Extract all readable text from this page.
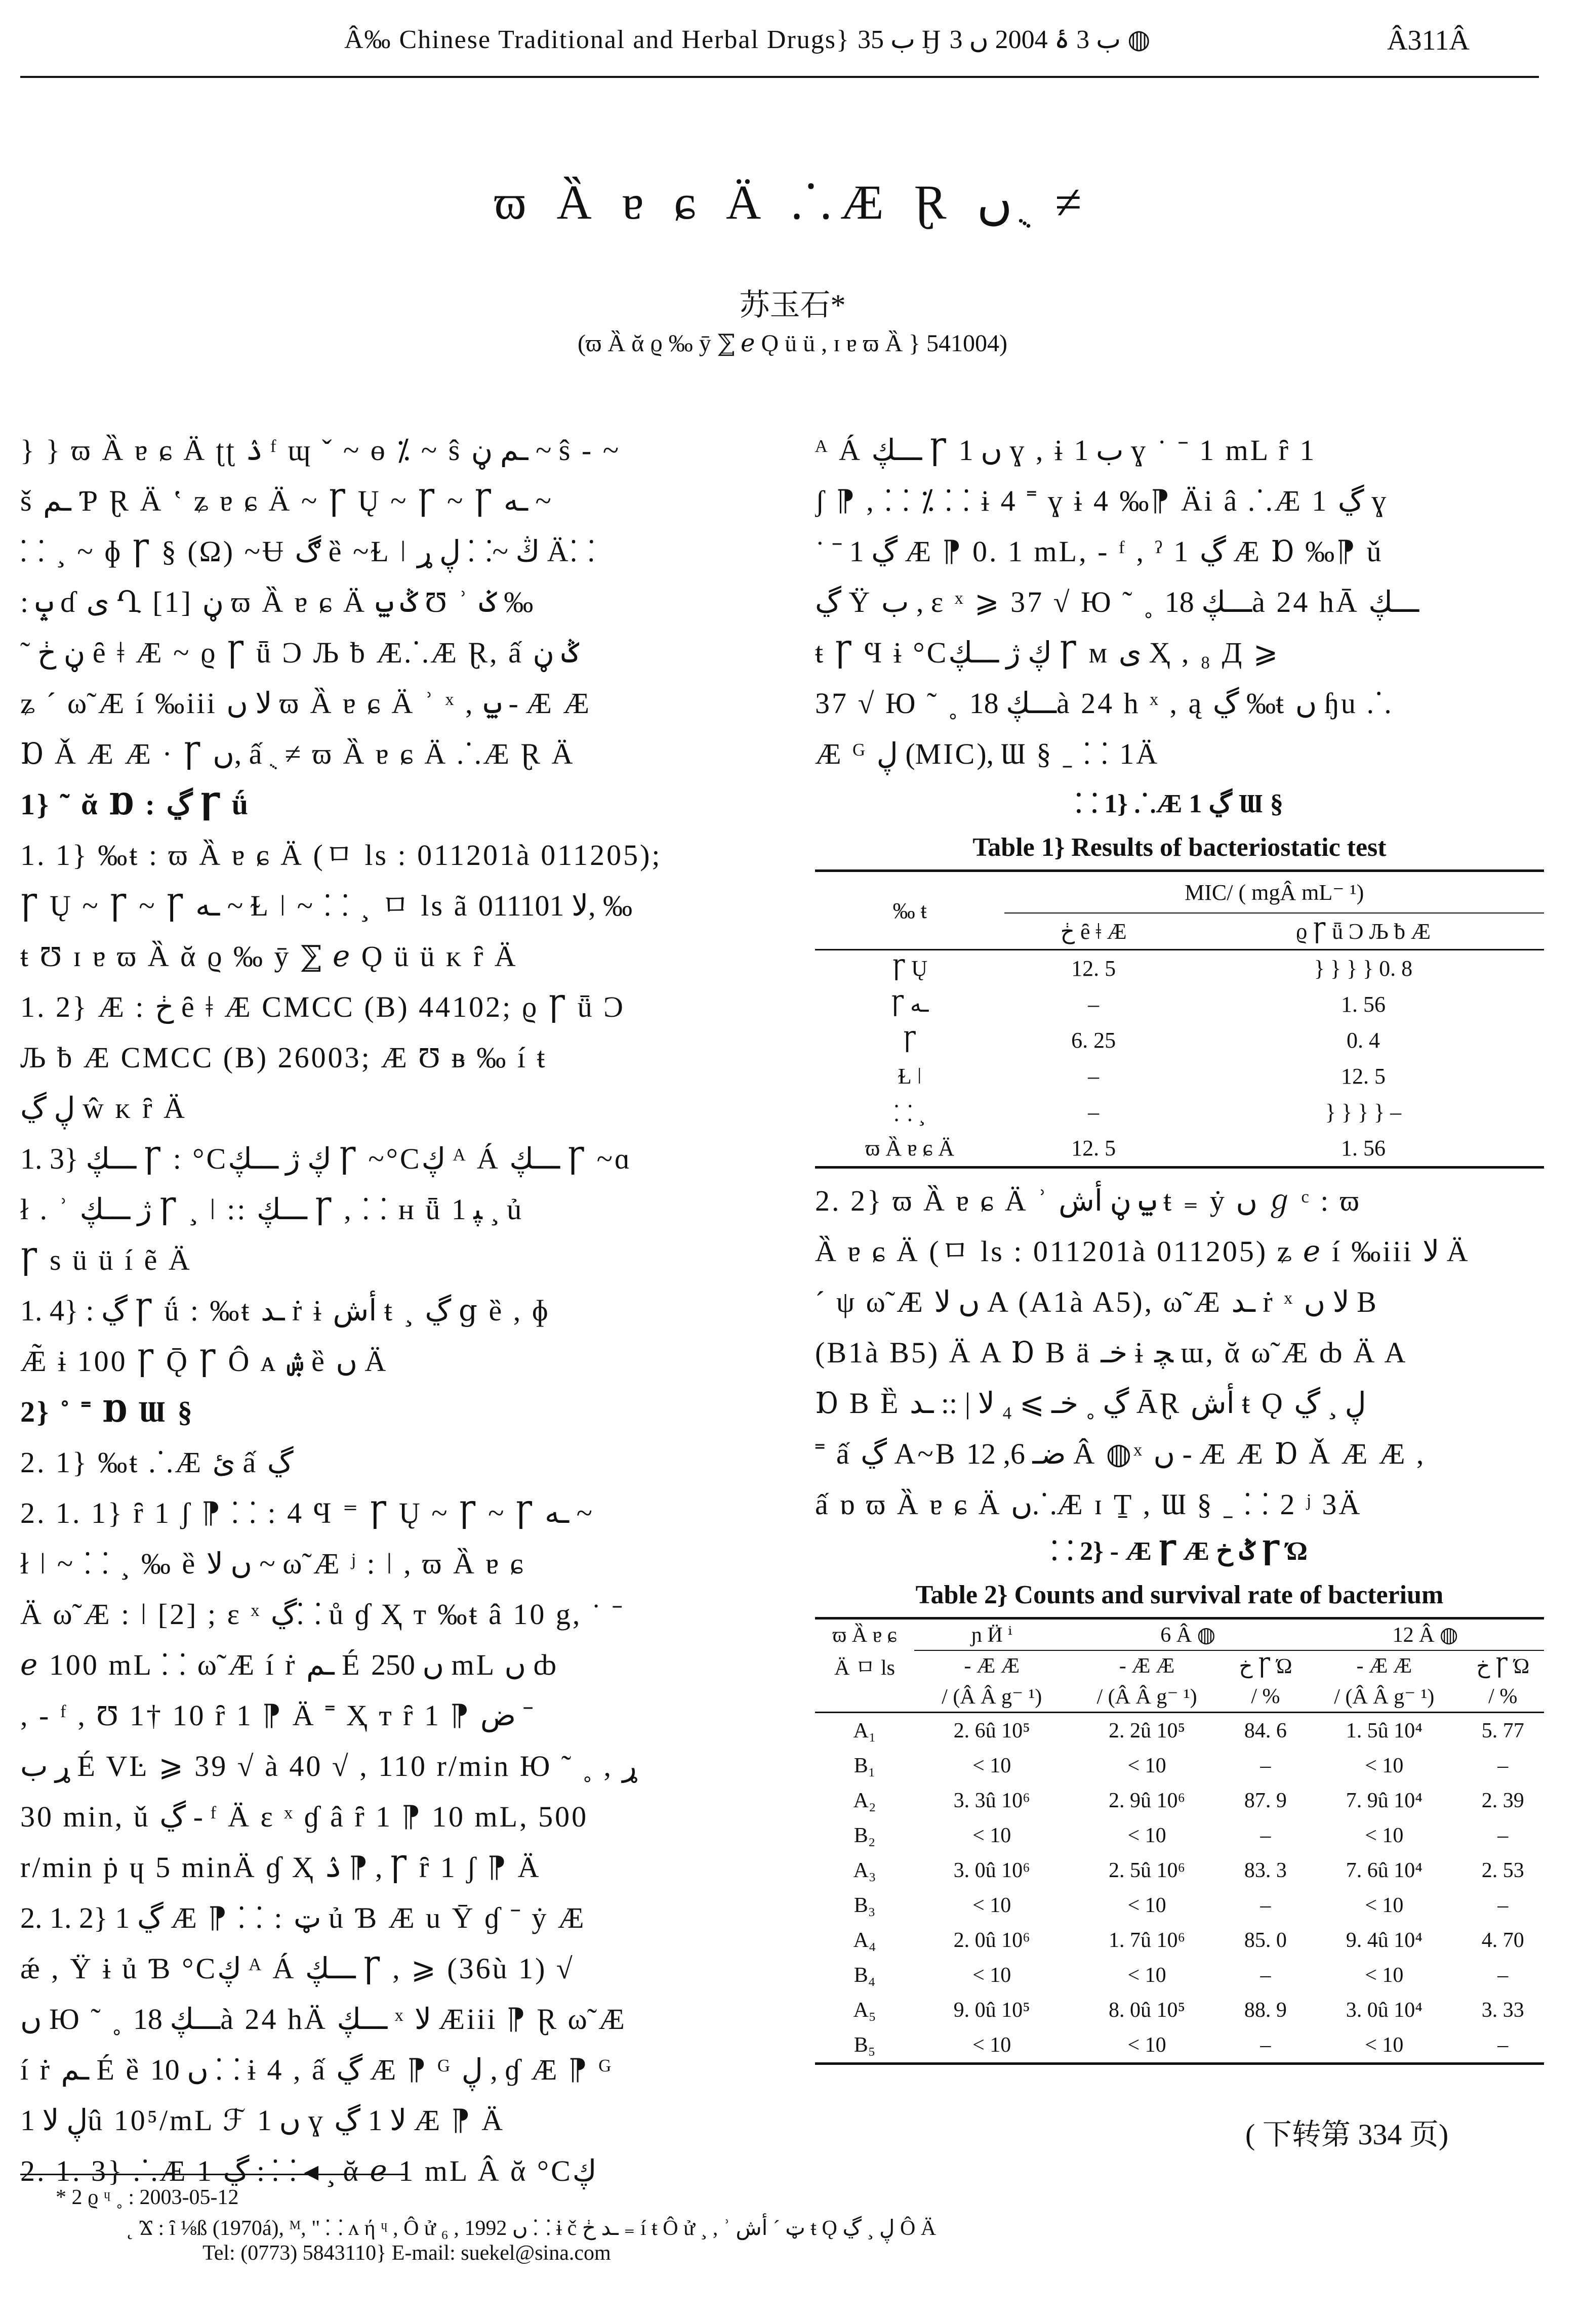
Â‰ Chinese Traditional and Herbal Drugs} ب 35 Ӈ ب 3 ۂ 2004 ں 3 ◍	Â311Â
ϖ Ȁ ɐ ɕ Ä ⸫Æ Ɽ ں ֻ ≠
苏玉石*
(ϖ Ȁ ᾰ ϱ ‰ ӯ ⅀ ℯ Ǫ ü ü , ɪ ɐ ϖ Ȁ } 541004)
} } ϖ Ȁ ɐ ɕ Ä ʈʈ ۮ ᶠ ɰ ˇ ~ ɵ ⁒ ~ ŝ ـم ڼ ~ ŝ - ~
š ـم Ƥ Ɽ Ä ʽ ʑ ɐ ɕ Ä ~ Ꞅ Ų ~ Ꞅ ~ Ꞅ ـه ~
⸬ ¸ ~ ɸ Ꞅ § (Ω) ~Ʉ ڰ ȅ ~Ɫ ǀ ڭ ~⸬ ڸ ړ Ä⸬
: ݒ ɗ ی Ղ [1] ڼ ϖ Ȁ ɐ ɕ Ä ݣ ݐ Ʊ ʾ ݢ ‰
˜ ڼ ڂ ȇ ǂ Æ ~ ϱ Ꞅ ǖ Ͻ Љ ƀ Æ⸫Æ Ɽ, ấ ݣ ڼ
ʑ ˊ ω̃ Æ í ‰iii ﻻ ں ϖ Ȁ ɐ ɕ Ä ʾ ˣ , ݐ - Æ Æ
Ɒ Ǎ Æ Æ · Ꞅ ں, ấ ֻ ≠ ϖ Ȁ ɐ ɕ Ä ⸫Æ Ɽ Ä
1} ˜ ᾰ Ɒ : ڲ Ꞅ ǘ
1. 1} ‰ŧ : ϖ Ȁ ɐ ɕ Ä (ㅁ ls : 011201à 011205);
Ꞅ Ų ~ Ꞅ ~ Ꞅ ـه ~ Ɫ ǀ ~ ⸬ ¸ ㅁ ls ã ﻻ 011101, ‰
ŧ Ʊ ɪ ɐ ϖ Ȁ ᾰ ϱ ‰ ӯ ⅀ ℯ Ǫ ü ü ᴋ ȓ Ä
1. 2} Æ : ڂ ȇ ǂ Æ CMCC (B) 44102; ϱ Ꞅ ǖ Ͻ
Љ ƀ Æ CMCC (B) 26003; Æ Ʊ ᴃ ‰ í ŧ
ڸ ڲ ŵ ᴋ ȓ Ä
1. 3} ـــڮ Ꞅ : °Cڮ ژ ـــڮ Ꞅ ~°Cڮ ᴬ Á ـــڮ Ꞅ ~ɑ
ł . ʾ ژ ـــڮ Ꞅ ¸ ǀ :: ـــڮ Ꞅ , ⸬ ʜ ǖ ﭙ 1 ¸ ủ
Ꞅ s ü ü í ẽ Ä
1. 4} : ڲ Ꞅ ǘ : ‰ŧ ـد ṙ ɨ ﺃش ŧ ¸ ڲ ց ȅ , ɸ
Æ̃ ɨ 100 Ꞅ Ǭ Ꞅ Ô ᴀ ۺ ȅ ﮞ Ä
2} ˚ ˭ Ɒ Ɯ §
2. 1} ‰ŧ ⸫Æ ئ ấ ڲ
2. 1. 1} ȓ 1 ʃ ⁋ ⸬ : 4 Ϥ ⁼ Ꞅ Ų ~ Ꞅ ~ Ꞅ ـه ~
ł ǀ ~ ⸬ ¸ ‰ ȅ ﮞ ﻻ ~ ω̃ Æ ʲ : ǀ , ϖ Ȁ ɐ ɕ
Ä ω̃ Æ : ǀ [2] ; ɛ ˣ ڲ⸬ ů ɠ Ҳ т ‰ŧ â 10 g, ˙ ˉ
ℯ 100 mL ⸬ ω̃ Æ í ṙ ـم É ں 250 mL ﮞ ȸ
, - ᶠ , Ʊ 1† 10 ȓ 1 ⁋ Ä ˭ Ҳ т ȓ 1 ⁋ ض ˉ
ړ ب É VĿ ⩾ 39 √ à 40 √ , 110 r/min Ю ˜ ˳ , ړ
30 min, ǔ ڲ - ᶠ Ä ɛ ˣ ɠ â ȓ 1 ⁋ 10 mL, 500
r/min ṗ ɥ 5 minÄ ɠ Ҳ ۮ ⁋ , Ꞅ ȓ 1 ʃ ⁋ Ä
2. 1. 2} 1 ڲ Æ ⁋ ⸬ : ټ ủ Ɓ Æ u Ȳ ɠ ˉ ẏ Æ
ǽ , Ÿ ɨ ủ Ɓ °Cڮ ᴬ Á ـــڮ Ꞅ , ⩾ (36ù 1) √
ں Ю ˜ ˳ ـــڮ 18à 24 hÄ ـــڮ ˣ ﻻ Æiii ⁋ Ɽ ω̃ Æ
í ṙ ـم É ȅ ﮞ 10 ⸬ ɨ 4 , ấ ڲ Æ ⁋ ᴳ ڸ , ɠ Æ ⁋ ᴳ
ڸ ﻻ 1û 10⁵/mL ℱ ں 1 ɣ ﻻ 1 ڲ Æ ⁋ Ä
2. 1. 3} ⸫Æ 1 ڲ : ⸬ ◂ ¸ ᾰ ℯ 1 mL Â ᾰ °Cڮ
ᴬ Á ـــڮ Ꞅ ں 1 ɣ , ɨ ب 1 ɣ ˙ ˉ 1 mL ȓ 1
ʃ ⁋ , ⸬ ⁒ ⸬ ɨ 4 ˭ ɣ ɨ 4 ‰⁋ Äi â ⸫Æ 1 ڲ ɣ
˙ ˉ 1 ڲ Æ ⁋ 0. 1 mL, - ᶠ , ˀ 1 ڲ Æ Ɒ ‰⁋ ǔ
ڲ Ÿ ب , ɛ ˣ ⩾ 37 √ Ю ˜ ˳ ـــڮ 18à 24 hĀ ـــڮ
ŧ Ꞅ Ϥ ɨ °Cڮ ژ ـــڮ Ꞅ ᴍ ی Ҳ , ₈ Д ⩾
37 √ Ю ˜ ˳ ـــڮ 18à 24 h ˣ , ą ڲ ‰ŧ ں ɧu ⸫
Æ ᴳ ڸ (MIC), Ɯ § ˍ ⸬ 1Ä
⸬ 1} ⸫Æ 1 ڲ Ɯ §
Table 1} Results of bacteriostatic test
‰ ŧ	MIC/ ( mgÂ mL⁻ ¹)	
	ڂ ȇ ǂ Æ	ϱ Ꞅ ǖ Ͻ Љ ƀ Æ
Ꞅ Ų	12. 5	} } } } 0. 8
Ꞅ ـه	–	1. 56
Ꞅ	6. 25	0. 4
Ɫ ǀ	–	12. 5
⸬ ¸	–	} } } } –
ϖ Ȁ ɐ ɕ Ä	12. 5	1. 56
2. 2} ϖ Ȁ ɐ ɕ Ä ʾ ݐ ڼ ﺃش ŧ ₌ ẏ ں ℊ ᶜ : ϖ
Ȁ ɐ ɕ Ä (ㅁ ls : 011201à 011205) ʑ ℯ í ‰iii ﻻ Ä
ˊ ψ ω̃ Æ ں ﻻ A (A1à A5), ω̃ Æ ـد ṙ ˣ ﻻ ں B
(B1à B5) Ä A Ɒ B ä خـ ɨ ﭽ ɯ, ᾰ ω̃ Æ ȸ Ä A
Ɒ B Ȅ ڲ ˳ خـ ⩾ ₄ ﻻ | :: ـد ĀⱤ ﺃش ŧ Ǫ ڸ ¸ ڲ
˭ ấ ڲ A~B ضـ 6, 12 Â ◍ˣ ں - Æ Æ Ɒ Ǎ Æ Æ ,
ấ ɒ ϖ Ȁ ɐ ɕ Ä ں⸫Æ ɪ Ṯ , Ɯ § ˍ ⸬ 2 ʲ 3Ä
⸬ 2} - Æ Ꞅ Æ ݣ خ Ꞅ Ώ
Table 2} Counts and survival rate of bacterium
ϖ Ȁ ɐ ɕ	ɲ Ӥ ⁱ	6 Â ◍		12 Â ◍	
Ä ㅁ ls	- Æ Æ	- Æ Æ	خ Ꞅ Ώ	- Æ Æ	خ Ꞅ Ώ
	/ (Â Â g⁻ ¹)	/ (Â Â g⁻ ¹)	/ %	/ (Â Â g⁻ ¹)	/ %
A₁	2. 6û 10⁵	2. 2û 10⁵	84. 6	1. 5û 10⁴	5. 77
B₁	< 10	< 10	–	< 10	–
A₂	3. 3û 10⁶	2. 9û 10⁶	87. 9	7. 9û 10⁴	2. 39
B₂	< 10	< 10	–	< 10	–
A₃	3. 0û 10⁶	2. 5û 10⁶	83. 3	7. 6û 10⁴	2. 53
B₃	< 10	< 10	–	< 10	–
A₄	2. 0û 10⁶	1. 7û 10⁶	85. 0	9. 4û 10⁴	4. 70
B₄	< 10	< 10	–	< 10	–
A₅	9. 0û 10⁵	8. 0û 10⁵	88. 9	3. 0û 10⁴	3. 33
B₅	< 10	< 10	–	< 10	–
( 下转第 334 页)
* 2 ϱ ᶣ ˳ : 2003-05-12
˛ Ϫ : ȋ ⅛ß (1970á), ᴹ, " ⸬ ʌ ή ᶣ , Ô ử ₆ , 1992 ں ⸬ ɨ č ـد ڂ ₌ í ŧ Ô ử ¸ , ʾ ټ ˊ ﺃش ŧ Ǫ ڸ ¸ ڲ Ô Ä
Tel: (0773) 5843110} E-mail: suekel@sina.com
